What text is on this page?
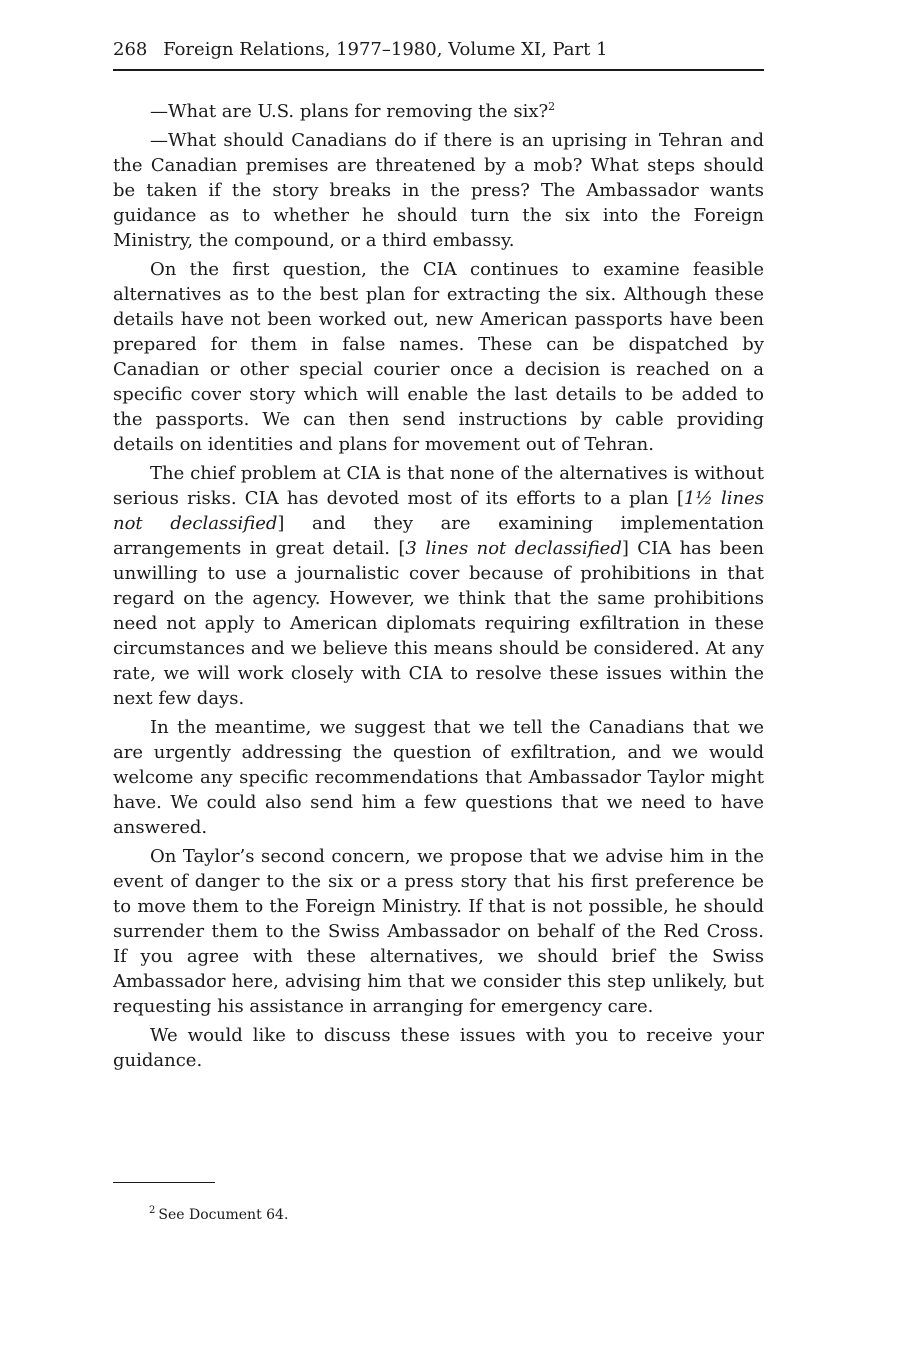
268 Foreign Relations, 1977–1980, Volume XI, Part 1

—What are U.S. plans for removing the six?$^2$

—What should Canadians do if there is an uprising in Tehran and the Canadian premises are threatened by a mob? What steps should be taken if the story breaks in the press? The Ambassador wants guidance as to whether he should turn the six into the Foreign Ministry, the compound, or a third embassy.

On the first question, the CIA continues to examine feasible alternatives as to the best plan for extracting the six. Although these details have not been worked out, new American passports have been prepared for them in false names. These can be dispatched by Canadian or other special courier once a decision is reached on a specific cover story which will enable the last details to be added to the passports. We can then send instructions by cable providing details on identities and plans for movement out of Tehran.

The chief problem at CIA is that none of the alternatives is without serious risks. CIA has devoted most of its efforts to a plan [1½ lines not declassified] and they are examining implementation arrangements in great detail. [3 lines not declassified] CIA has been unwilling to use a journalistic cover because of prohibitions in that regard on the agency. However, we think that the same prohibitions need not apply to American diplomats requiring exfiltration in these circumstances and we believe this means should be considered. At any rate, we will work closely with CIA to resolve these issues within the next few days.

In the meantime, we suggest that we tell the Canadians that we are urgently addressing the question of exfiltration, and we would welcome any specific recommendations that Ambassador Taylor might have. We could also send him a few questions that we need to have answered.

On Taylor’s second concern, we propose that we advise him in the event of danger to the six or a press story that his first preference be to move them to the Foreign Ministry. If that is not possible, he should surrender them to the Swiss Ambassador on behalf of the Red Cross. If you agree with these alternatives, we should brief the Swiss Ambassador here, advising him that we consider this step unlikely, but requesting his assistance in arranging for emergency care.

We would like to discuss these issues with you to receive your guidance.

$^2$ See Document 64.
